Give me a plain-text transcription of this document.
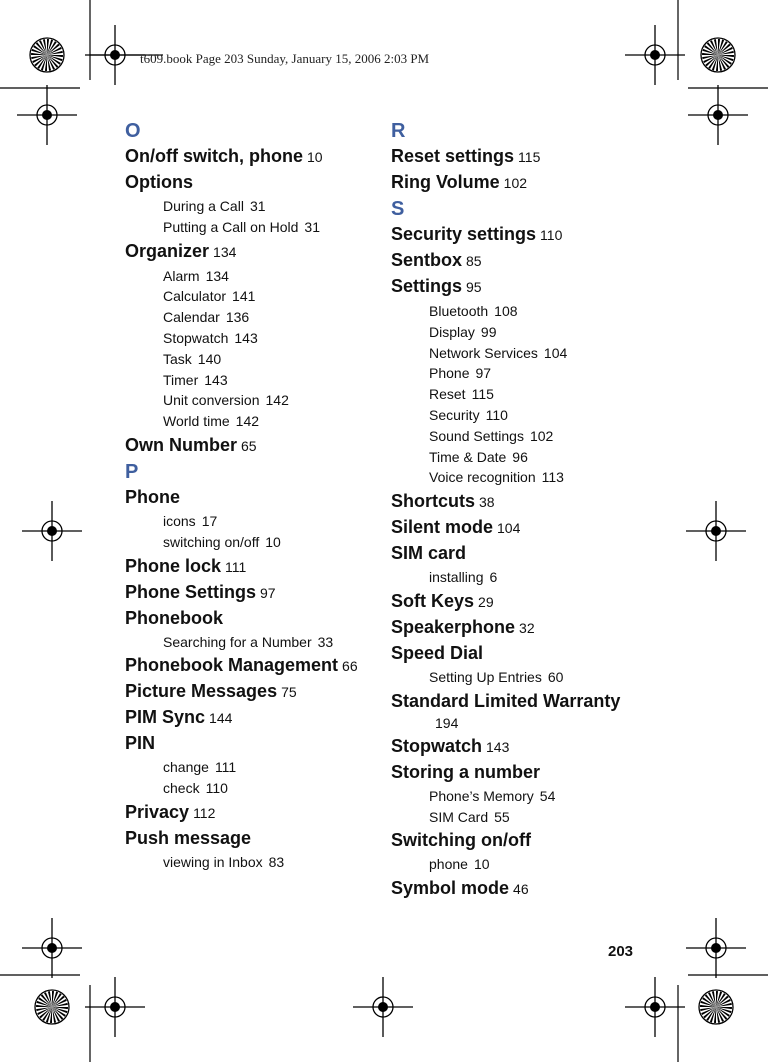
t609.book Page 203 Sunday, January 15, 2006 2:03 PM
O
On/off switch, phone 10
Options
During a Call 31
Putting a Call on Hold 31
Organizer 134
Alarm 134
Calculator 141
Calendar 136
Stopwatch 143
Task 140
Timer 143
Unit conversion 142
World time 142
Own Number 65
P
Phone
icons 17
switching on/off 10
Phone lock 111
Phone Settings 97
Phonebook
Searching for a Number 33
Phonebook Management 66
Picture Messages 75
PIM Sync 144
PIN
change 111
check 110
Privacy 112
Push message
viewing in Inbox 83
R
Reset settings 115
Ring Volume 102
S
Security settings 110
Sentbox 85
Settings 95
Bluetooth 108
Display 99
Network Services 104
Phone 97
Reset 115
Security 110
Sound Settings 102
Time & Date 96
Voice recognition 113
Shortcuts 38
Silent mode 104
SIM card
installing 6
Soft Keys 29
Speakerphone 32
Speed Dial
Setting Up Entries 60
Standard Limited Warranty
194
Stopwatch 143
Storing a number
Phone’s Memory 54
SIM Card 55
Switching on/off
phone 10
Symbol mode 46
203
